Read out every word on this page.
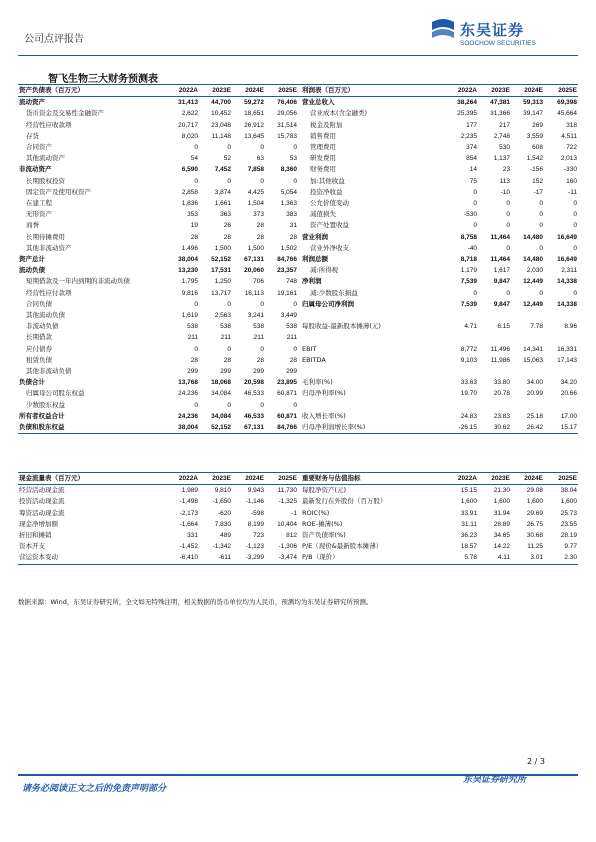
公司点评报告
东吴证券
SOOCHOW SECURITIES
智飞生物三大财务预测表
资产负债表（百万元）	2022A	2023E	2024E	2025E	利润表（百万元）	2022A	2023E	2024E	2025E
流动资产	31,413	44,700	59,272	76,406	营业总收入	38,264	47,381	59,313	69,398
货币资金及交易性金融资产	2,622	10,452	18,651	29,056	营业成本(含金融类)	25,395	31,366	39,147	45,664
经营性应收款项	20,717	23,048	26,912	31,514	税金及附加	177	217	269	318
存货	8,020	11,148	13,645	15,783	销售费用	2,235	2,748	3,559	4,511
合同资产	0	0	0	0	管理费用	374	530	608	722
其他流动资产	54	52	63	53	研发费用	854	1,137	1,542	2,013
非流动资产	6,590	7,452	7,858	8,360	财务费用	14	23	-156	-330
长期股权投资	0	0	0	0	加:其他收益	75	113	152	160
固定资产及使用权资产	2,858	3,874	4,425	5,054	投资净收益	0	-10	-17	-11
在建工程	1,836	1,661	1,504	1,363	公允价值变动	0	0	0	0
无形资产	353	363	373	383	减值损失	-530	0	0	0
商誉	19	26	28	31	资产处置收益	0	0	0	0
长期待摊费用	28	28	28	28	营业利润	8,758	11,464	14,480	16,649
其他非流动资产	1,496	1,500	1,500	1,502	营业外净收支	-40	0	0	0
资产总计	38,004	52,152	67,131	84,766	利润总额	8,718	11,464	14,480	16,649
流动负债	13,230	17,531	20,060	23,357	减:所得税	1,179	1,617	2,030	2,311
短期借款及一年内到期的非流动负债	1,795	1,250	706	748	净利润	7,539	9,847	12,449	14,338
经营性应付款项	9,816	13,717	16,113	19,161	减:少数股东损益	0	0	0	0
合同负债	0	0	0	0	归属母公司净利润	7,539	9,847	12,449	14,338
其他流动负债	1,619	2,563	3,241	3,449					
非流动负债	538	538	538	538	每股收益-最新股本摊薄(元)	4.71	6.15	7.78	8.96
长期借款	211	211	211	211					
应付债券	0	0	0	0	EBIT	8,772	11,496	14,341	16,331
租赁负债	28	28	28	28	EBITDA	9,103	11,986	15,063	17,143
其他非流动负债	299	299	299	299					
负债合计	13,768	18,068	20,598	23,895	毛利率(%)	33.63	33.80	34.00	34.20
归属母公司股东权益	24,236	34,084	46,533	60,871	归母净利率(%)	19.70	20.78	20.99	20.66
少数股东权益	0	0	0	0					
所有者权益合计	24,236	34,084	46,533	60,871	收入增长率(%)	24.83	23.83	25.18	17.00
负债和股东权益	38,004	52,152	67,131	84,766	归母净利润增长率(%)	-26.15	30.62	26.42	15.17
现金流量表（百万元）	2022A	2023E	2024E	2025E	重要财务与估值指标	2022A	2023E	2024E	2025E
经营活动现金流	1,989	9,810	9,943	11,730	每股净资产(元)	15.15	21.30	29.08	38.04
投资活动现金流	-1,498	-1,650	-1,146	-1,325	最新发行在外股份（百万股）	1,600	1,600	1,600	1,600
筹资活动现金流	-2,173	-620	-598	-1	ROIC(%)	33.91	31.94	29.69	25.73
现金净增加额	-1,664	7,830	8,199	10,404	ROE-摊薄(%)	31.11	28.89	26.75	23.55
折旧和摊销	331	489	723	812	资产负债率(%)	36.23	34.65	30.68	28.19
资本开支	-1,452	-1,342	-1,123	-1,306	P/E（现价&最新股本摊薄）	18.57	14.22	11.25	9.77
营运资本变动	-6,410	-611	-3,299	-3,474	P/B（现价）	5.78	4.11	3.01	2.30
数据来源：Wind，东吴证券研究所，全文如无特殊注明，相关数据的货币单位均为人民币，预测均为东吴证券研究所预测。
2 / 3
东吴证券研究所
请务必阅读正文之后的免责声明部分
